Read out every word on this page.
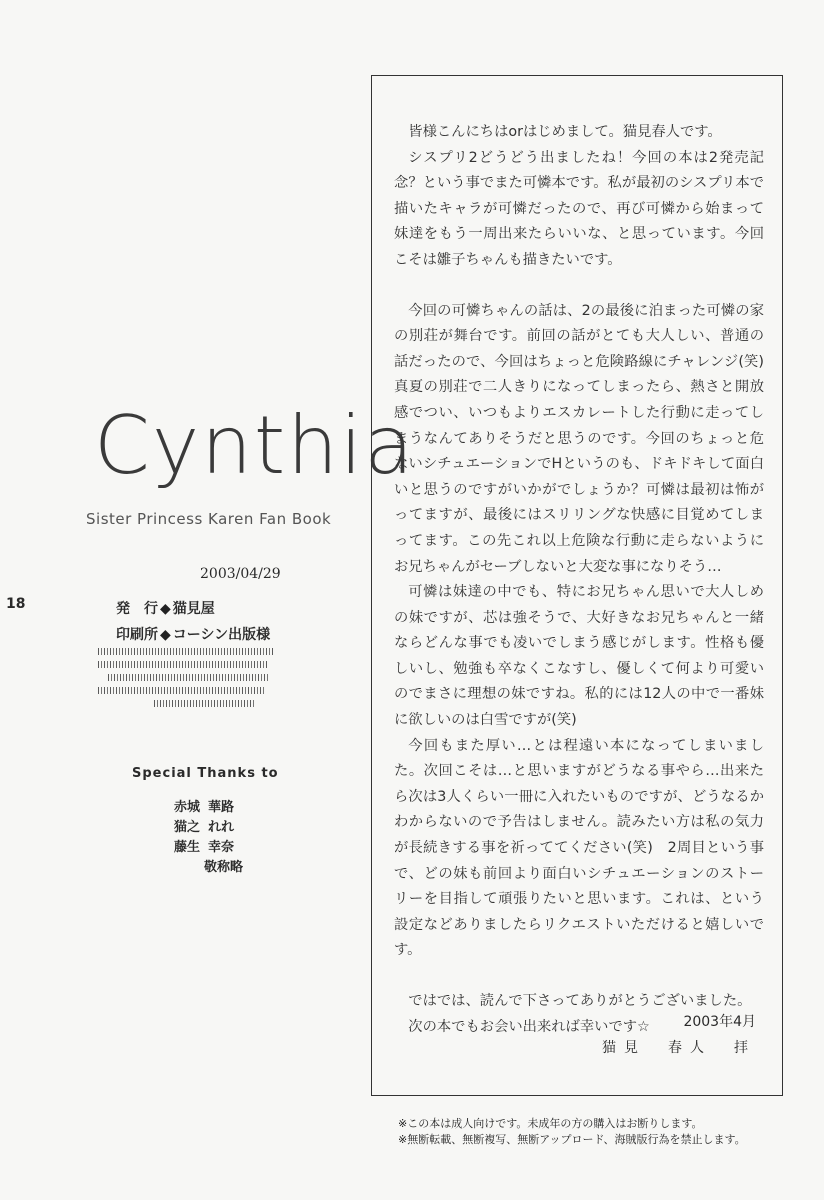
18
Cynthia
Sister Princess Karen Fan Book
2003/04/29
発　行 ◆ 猫見屋
印刷所 ◆ コーシン出版様
Special Thanks to
赤城 華路
猫之 れれ
藤生 幸奈
敬称略

皆様こんにちはorはじめまして。猫見春人です。

シスプリ2どうどう出ましたね！今回の本は2発売記念？という事でまた可憐本です。私が最初のシスプリ本で描いたキャラが可憐だったので、再び可憐から始まって妹達をもう一周出来たらいいな、と思っています。今回こそは雛子ちゃんも描きたいです。

今回の可憐ちゃんの話は、2の最後に泊まった可憐の家の別荘が舞台です。前回の話がとても大人しい、普通の話だったので、今回はちょっと危険路線にチャレンジ(笑)真夏の別荘で二人きりになってしまったら、熱さと開放感でつい、いつもよりエスカレートした行動に走ってしまうなんてありそうだと思うのです。今回のちょっと危ないシチュエーションでHというのも、ドキドキして面白いと思うのですがいかがでしょうか？可憐は最初は怖がってますが、最後にはスリリングな快感に目覚めてしまってます。この先これ以上危険な行動に走らないようにお兄ちゃんがセーブしないと大変な事になりそう…

可憐は妹達の中でも、特にお兄ちゃん思いで大人しめの妹ですが、芯は強そうで、大好きなお兄ちゃんと一緒ならどんな事でも凌いでしまう感じがします。性格も優しいし、勉強も卒なくこなすし、優しくて何より可愛いのでまさに理想の妹ですね。私的には12人の中で一番妹に欲しいのは白雪ですが(笑)

今回もまた厚い…とは程遠い本になってしまいました。次回こそは…と思いますがどうなる事やら…出来たら次は3人くらい一冊に入れたいものですが、どうなるかわからないので予告はしません。読みたい方は私の気力が長続きする事を祈っててください(笑)　2周目という事で、どの妹も前回より面白いシチュエーションのストーリーを目指して頑張りたいと思います。これは、という設定などありましたらリクエストいただけると嬉しいです。

ではでは、読んで下さってありがとうございました。

次の本でもお会い出来れば幸いです☆	2003年4月
猫見　春人　拝
※この本は成人向けです。未成年の方の購入はお断りします。
※無断転載、無断複写、無断アップロード、海賊版行為を禁止します。
